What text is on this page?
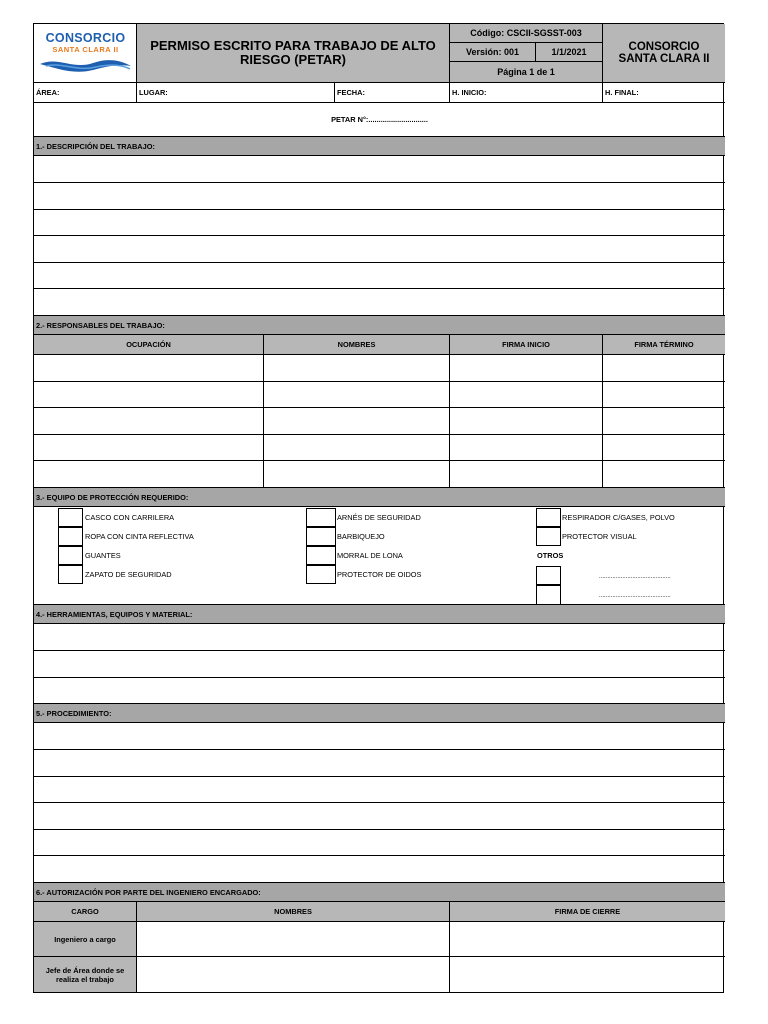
CONSORCIO
SANTA CLARA II	PERMISO ESCRITO PARA TRABAJO DE ALTO RIESGO (PETAR)
Código: CSCII-SGSST-003
Versión: 001	1/1/2021
Página 1 de 1
CONSORCIO SANTA CLARA II
ÁREA:	LUGAR:	FECHA:	H. INICIO:	H. FINAL:
PETAR N°:.............................
1.- DESCRIPCIÓN DEL TRABAJO:
2.- RESPONSABLES DEL TRABAJO:
OCUPACIÓN	NOMBRES	FIRMA INICIO	FIRMA TÉRMINO
3.- EQUIPO DE PROTECCIÓN REQUERIDO:
CASCO CON CARRILERA
ROPA CON CINTA REFLECTIVA
GUANTES
ZAPATO DE SEGURIDAD
ARNÉS DE SEGURIDAD
BARBIQUEJO
MORRAL DE LONA
PROTECTOR DE OIDOS
RESPIRADOR C/GASES, POLVO
PROTECTOR VISUAL
OTROS
...........................................
...........................................
4.- HERRAMIENTAS, EQUIPOS Y MATERIAL:
5.- PROCEDIMIENTO:
6.- AUTORIZACIÓN POR PARTE DEL INGENIERO ENCARGADO:
CARGO	NOMBRES	FIRMA DE CIERRE
Ingeniero a cargo
Jefe de Área donde se realiza el trabajo
